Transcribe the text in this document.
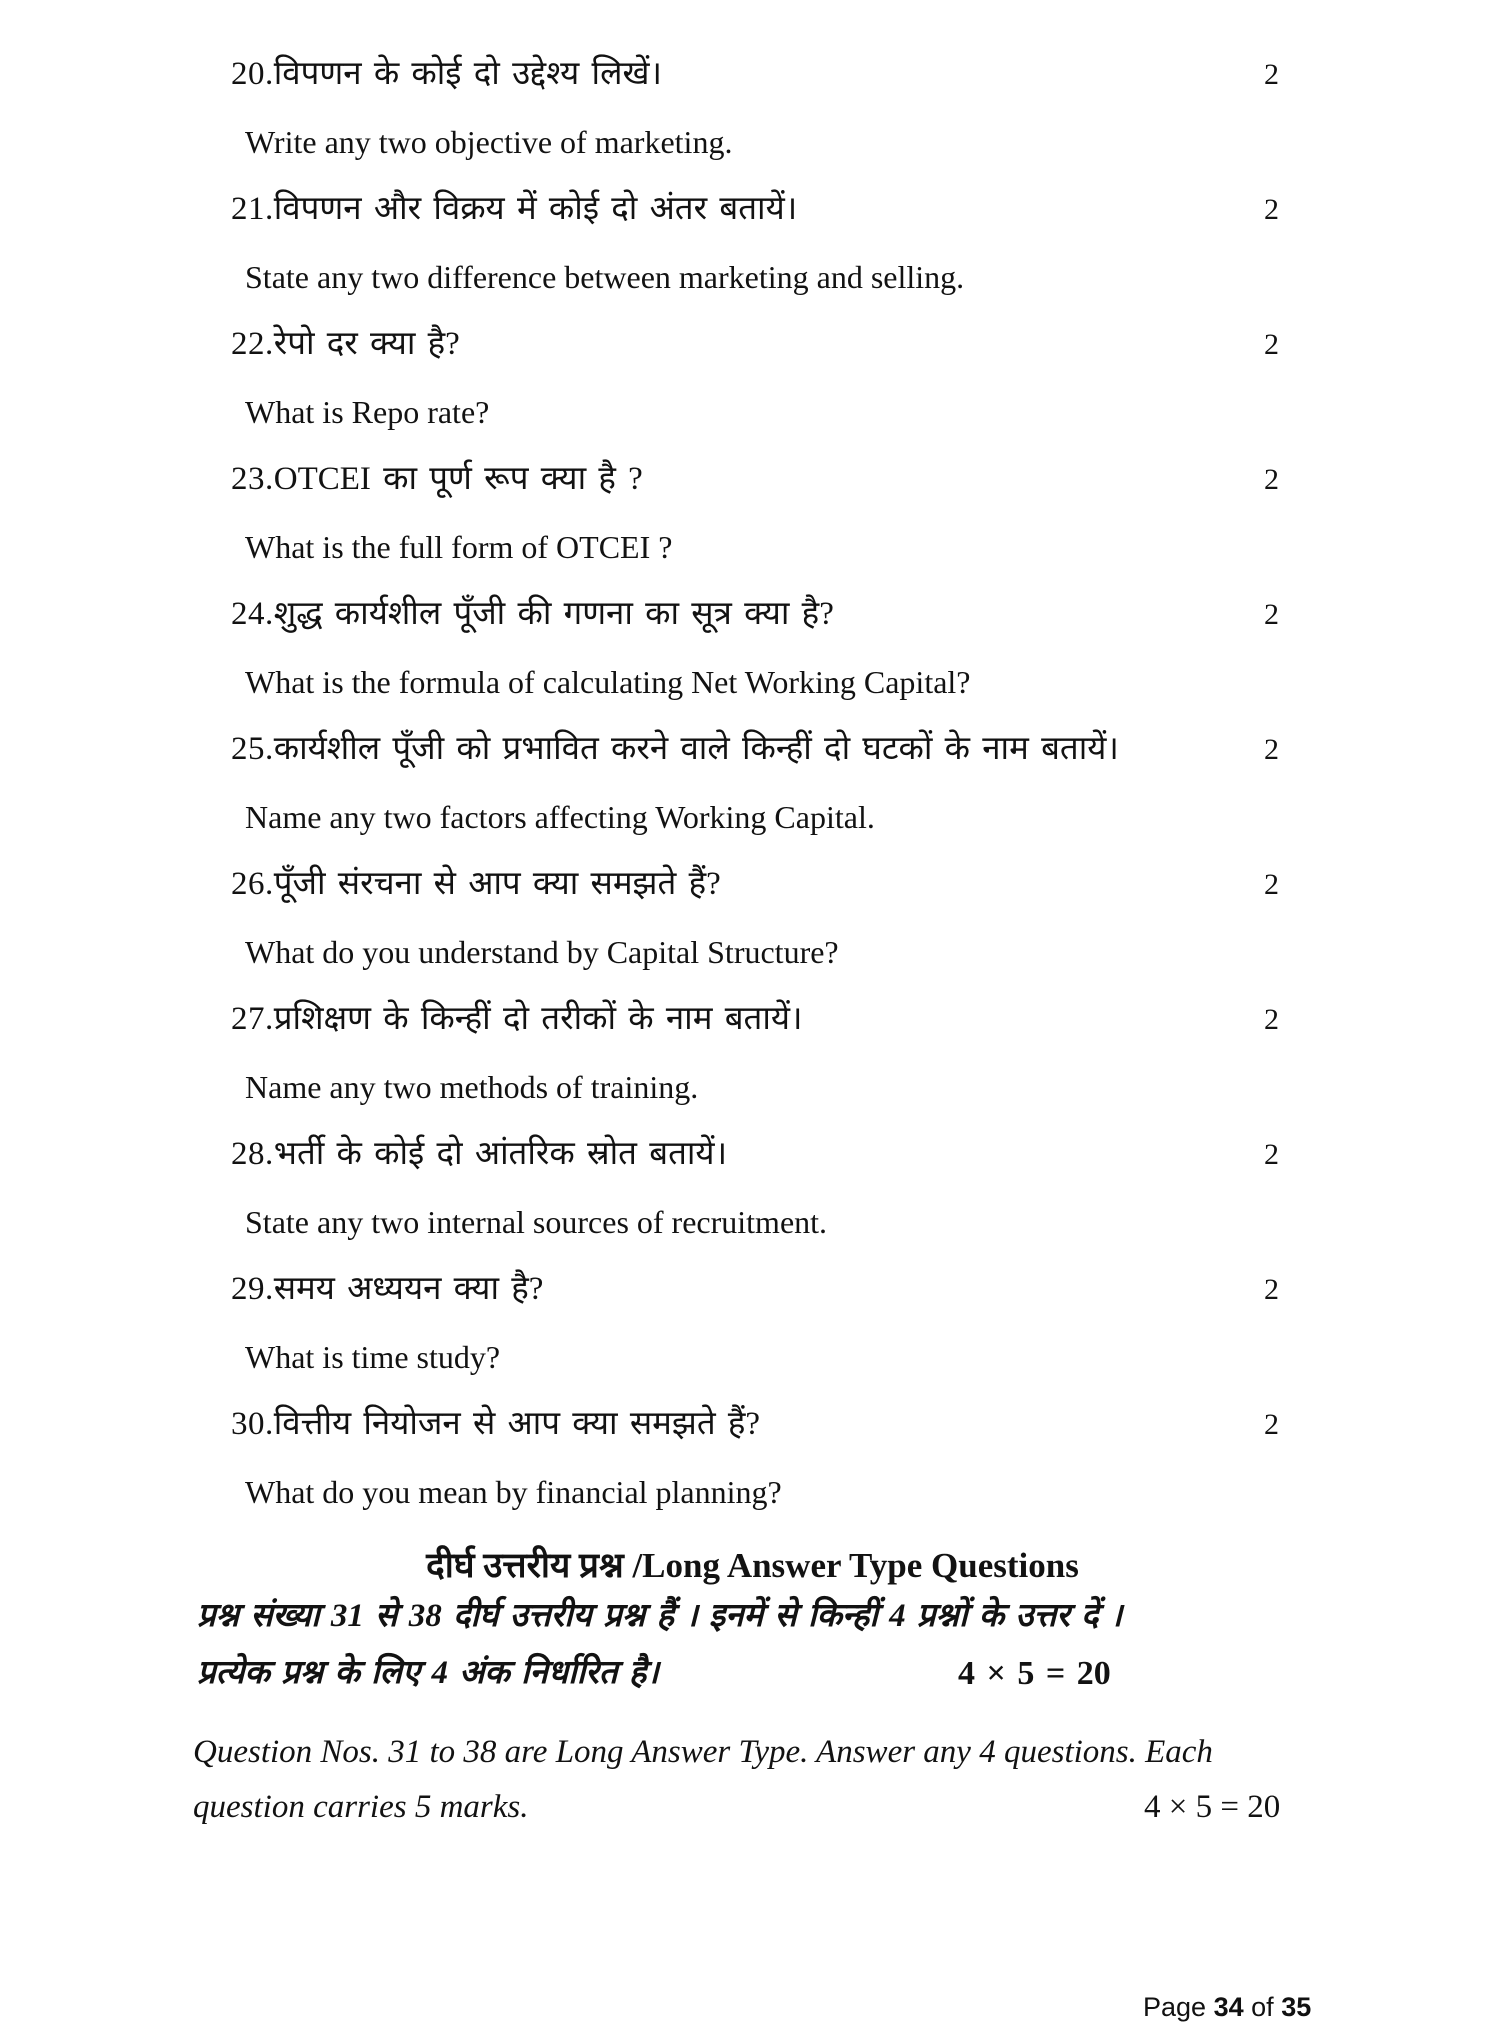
20.विपणन के कोई दो उद्देश्य लिखें।	2
Write any two objective of marketing.
21.विपणन और विक्रय में कोई दो अंतर बतायें।	2
State any two difference between marketing and selling.
22.रेपो दर क्या है?	2
What is Repo rate?
23.OTCEI का पूर्ण रूप क्या है ?	2
What is the full form of OTCEI ?
24.शुद्ध कार्यशील पूँजी की गणना का सूत्र क्या है?	2
What is the formula of calculating Net Working Capital?
25.कार्यशील पूँजी को प्रभावित करने वाले किन्हीं दो घटकों के नाम बतायें।	2
Name any two factors affecting Working Capital.
26.पूँजी संरचना से आप क्या समझते हैं?	2
What do you understand by Capital Structure?
27.प्रशिक्षण के किन्हीं दो तरीकों के नाम बतायें।	2
Name any two methods of training.
28.भर्ती के कोई दो आंतरिक स्रोत बतायें।	2
State any two internal sources of recruitment.
29.समय अध्ययन क्या है?	2
What is time study?
30.वित्तीय नियोजन से आप क्या समझते हैं?	2
What do you mean by financial planning?
दीर्घ उत्तरीय प्रश्न /Long Answer Type Questions
प्रश्न संख्या 31 से 38 दीर्घ उत्तरीय प्रश्न हैं । इनमें से किन्हीं 4 प्रश्नों के उत्तर दें ।
प्रत्येक प्रश्न के लिए 4 अंक निर्धारित है।	4 × 5 = 20
Question Nos. 31 to 38 are Long Answer Type. Answer any 4 questions. Each
question carries 5 marks.	4 × 5 = 20
Page 34 of 35
